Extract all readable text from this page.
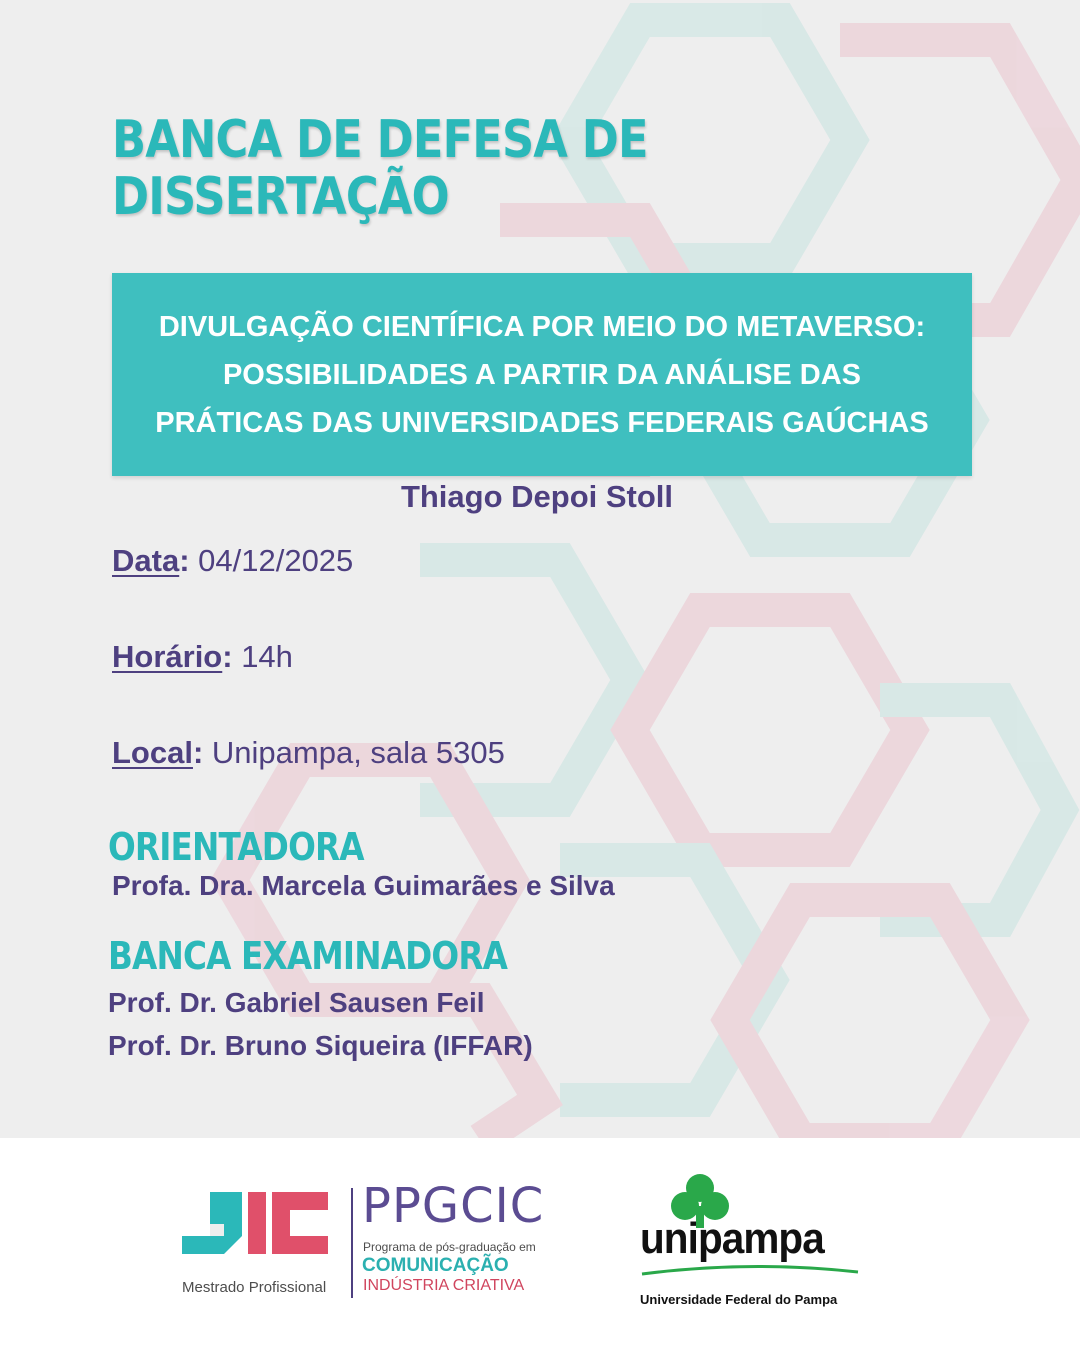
BANCA DE DEFESA DE
DISSERTAÇÃO
DIVULGAÇÃO CIENTÍFICA POR MEIO DO METAVERSO:
POSSIBILIDADES A PARTIR DA ANÁLISE DAS
PRÁTICAS DAS UNIVERSIDADES FEDERAIS GAÚCHAS
Thiago Depoi Stoll
Data: 04/12/2025
Horário: 14h
Local: Unipampa, sala 5305
ORIENTADORA
Profa. Dra. Marcela Guimarães e Silva
BANCA EXAMINADORA
Prof. Dr. Gabriel Sausen Feil
Prof. Dr. Bruno Siqueira (IFFAR)
Mestrado Profissional
PPGCIC
Programa de pós-graduação em
COMUNICAÇÃO
INDÚSTRIA CRIATIVA
unipampa
Universidade Federal do Pampa
